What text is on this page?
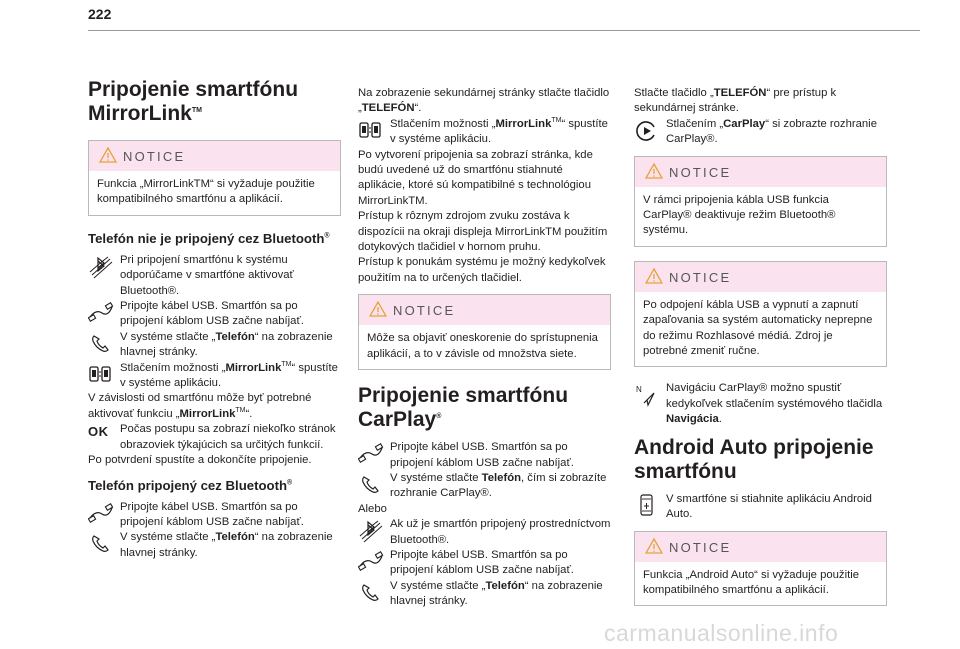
222
Pripojenie smartfónu
MirrorLink™
NOTICE
Funkcia „MirrorLinkTM“ si vyžaduje použitie kompatibilného smartfónu a aplikácií.
Telefón nie je pripojený cez Bluetooth®
Pri pripojení smartfónu k systému odporúčame v smartfóne aktivovať Bluetooth®.
Pripojte kábel USB. Smartfón sa po pripojení káblom USB začne nabíjať.
V systéme stlačte „Telefón“ na zobrazenie hlavnej stránky.
Stlačením možnosti „MirrorLink™“ spustíte v systéme aplikáciu.

V závislosti od smartfónu môže byť potrebné aktivovať funkciu „MirrorLink™“.

OK	Počas postupu sa zobrazí niekoľko stránok obrazoviek týkajúcich sa určitých funkcií.

Po potvrdení spustíte a dokončíte pripojenie.

Telefón pripojený cez Bluetooth®
Pripojte kábel USB. Smartfón sa po pripojení káblom USB začne nabíjať.
V systéme stlačte „Telefón“ na zobrazenie hlavnej stránky.

Na zobrazenie sekundárnej stránky stlačte tlačidlo „TELEFÓN“.

Stlačením možnosti „MirrorLink™“ spustíte v systéme aplikáciu.

Po vytvorení pripojenia sa zobrazí stránka, kde budú uvedené už do smartfónu stiahnuté aplikácie, ktoré sú kompatibilné s technológiou MirrorLinkTM.

Prístup k rôznym zdrojom zvuku zostáva k dispozícii na okraji displeja MirrorLinkTM použitím dotykových tlačidiel v hornom pruhu.

Prístup k ponukám systému je možný kedykoľvek použitím na to určených tlačidiel.

NOTICE
Môže sa objaviť oneskorenie do sprístupnenia aplikácií, a to v závisle od množstva siete.
Pripojenie smartfónu
CarPlay®
Pripojte kábel USB. Smartfón sa po pripojení káblom USB začne nabíjať.
V systéme stlačte Telefón, čím si zobrazíte rozhranie CarPlay®.

Alebo

Ak už je smartfón pripojený prostredníctvom Bluetooth®.
Pripojte kábel USB. Smartfón sa po pripojení káblom USB začne nabíjať.
V systéme stlačte „Telefón“ na zobrazenie hlavnej stránky.

Stlačte tlačidlo „TELEFÓN“ pre prístup k sekundárnej stránke.

Stlačením „CarPlay“ si zobrazte rozhranie CarPlay®.
NOTICE
V rámci pripojenia kábla USB funkcia CarPlay® deaktivuje režim Bluetooth® systému.
NOTICE
Po odpojení kábla USB a vypnutí a zapnutí zapaľovania sa systém automaticky neprepne do režimu Rozhlasové médiá. Zdroj je potrebné zmeniť ručne.
Navigáciu CarPlay® možno spustiť kedykoľvek stlačením systémového tlačidla Navigácia.
Android Auto pripojenie
smartfónu
V smartfóne si stiahnite aplikáciu Android Auto.
NOTICE
Funkcia „Android Auto“ si vyžaduje použitie kompatibilného smartfónu a aplikácií.
carmanualsonline.info
